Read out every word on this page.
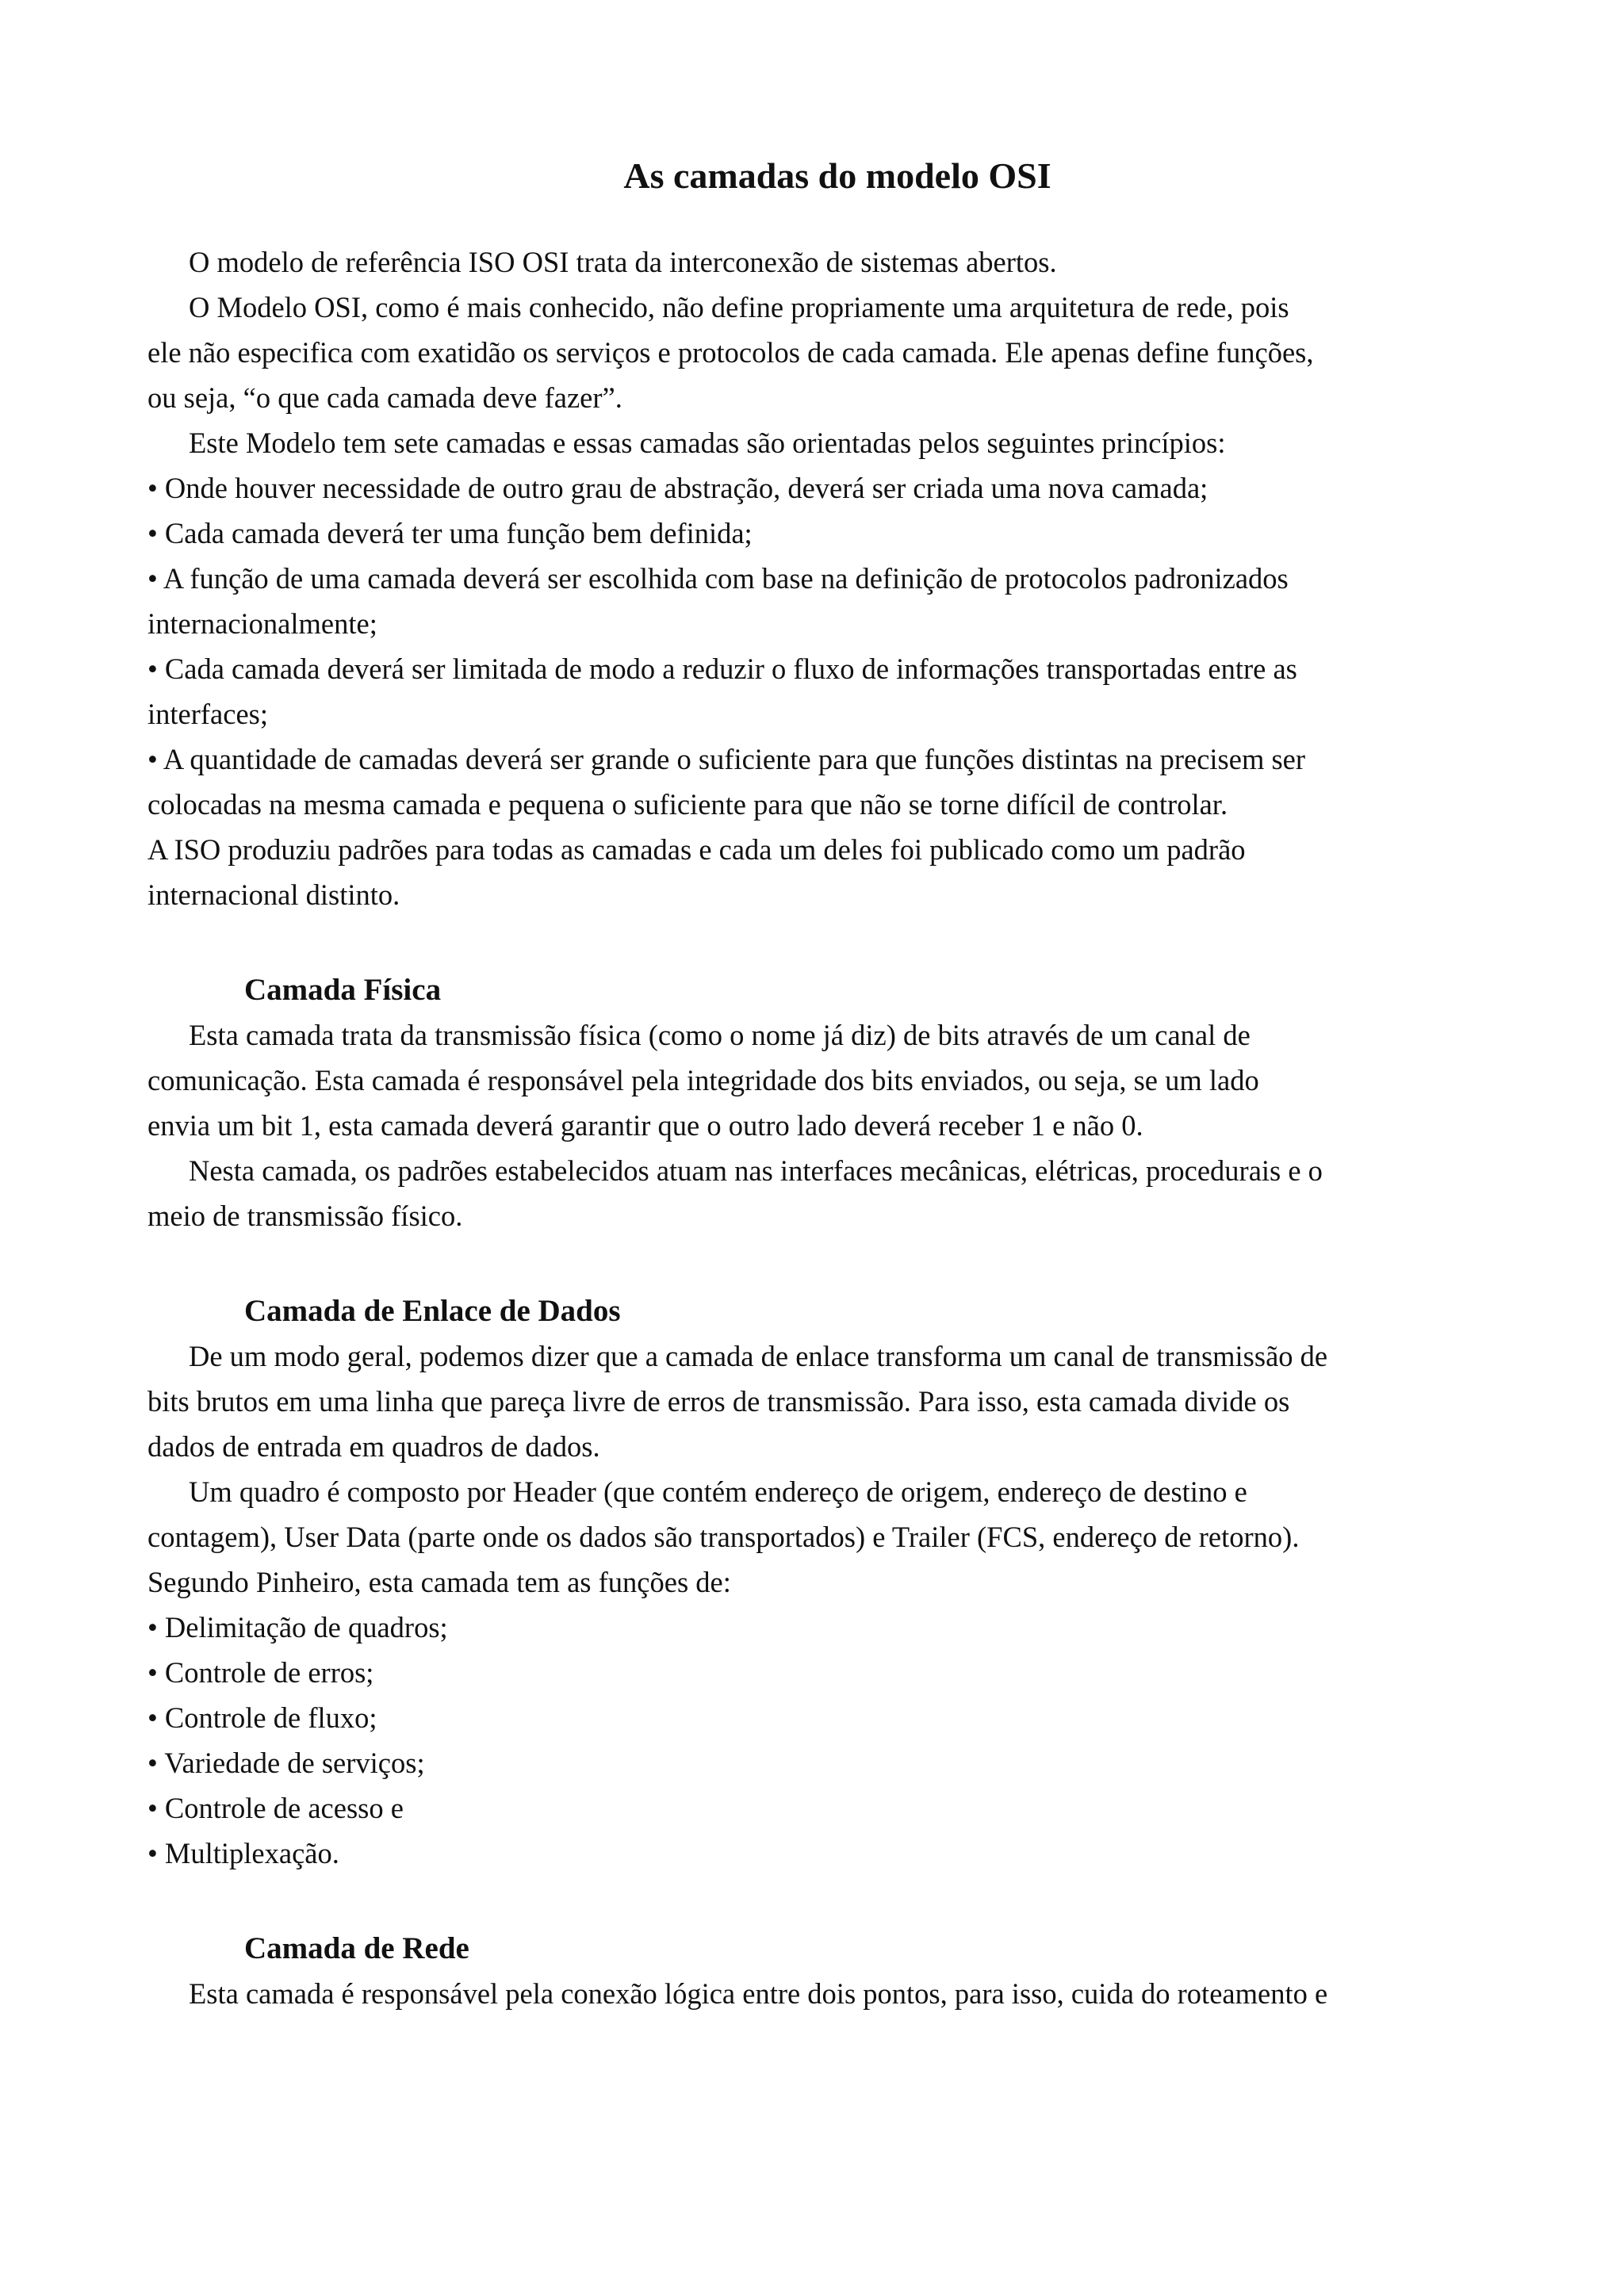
As camadas do modelo OSI

O modelo de referência ISO OSI trata da interconexão de sistemas abertos.

O Modelo OSI, como é mais conhecido, não define propriamente uma arquitetura de rede, pois

ele não especifica com exatidão os serviços e protocolos de cada camada. Ele apenas define funções,

ou seja, “o que cada camada deve fazer”.

Este Modelo tem sete camadas e essas camadas são orientadas pelos seguintes princípios:

• Onde houver necessidade de outro grau de abstração, deverá ser criada uma nova camada;

• Cada camada deverá ter uma função bem definida;

• A função de uma camada deverá ser escolhida com base na definição de protocolos padronizados

internacionalmente;

• Cada camada deverá ser limitada de modo a reduzir o fluxo de informações transportadas entre as

interfaces;

• A quantidade de camadas deverá ser grande o suficiente para que funções distintas na precisem ser

colocadas na mesma camada e pequena o suficiente para que não se torne difícil de controlar.

A ISO produziu padrões para todas as camadas e cada um deles foi publicado como um padrão

internacional distinto.

Camada Física

Esta camada trata da transmissão física (como o nome já diz) de bits através de um canal de

comunicação. Esta camada é responsável pela integridade dos bits enviados, ou seja, se um lado

envia um bit 1, esta camada deverá garantir que o outro lado deverá receber 1 e não 0.

Nesta camada, os padrões estabelecidos atuam nas interfaces mecânicas, elétricas, procedurais e o

meio de transmissão físico.

Camada de Enlace de Dados

De um modo geral, podemos dizer que a camada de enlace transforma um canal de transmissão de

bits brutos em uma linha que pareça livre de erros de transmissão. Para isso, esta camada divide os

dados de entrada em quadros de dados.

Um quadro é composto por Header (que contém endereço de origem, endereço de destino e

contagem), User Data (parte onde os dados são transportados) e Trailer (FCS, endereço de retorno).

Segundo Pinheiro, esta camada tem as funções de:

• Delimitação de quadros;

• Controle de erros;

• Controle de fluxo;

• Variedade de serviços;

• Controle de acesso e

• Multiplexação.

Camada de Rede

Esta camada é responsável pela conexão lógica entre dois pontos, para isso, cuida do roteamento e
